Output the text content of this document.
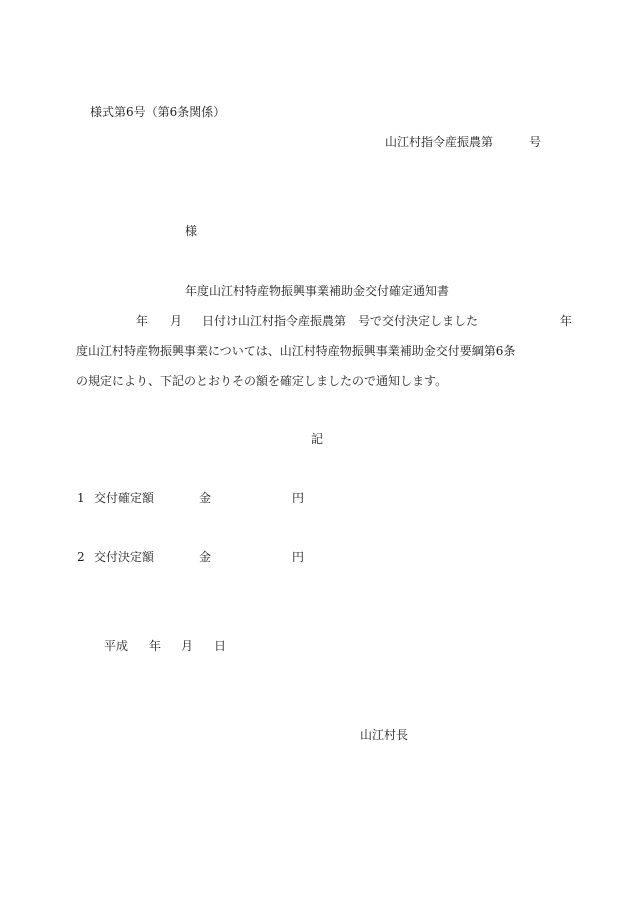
様式第6号（第6条関係）
山江村指令産振農第　　　号
様
年度山江村特産物振興事業補助金交付確定通知書
年 月 日付け山江村指令産振農第　号で交付決定しました	年
度山江村特産物振興事業については、山江村特産物振興事業補助金交付要綱第6条
の規定により、下記のとおりその額を確定しましたので通知します。
記
1 交付確定額	金	円
2 交付決定額	金	円
平成 年 月 日
山江村長
